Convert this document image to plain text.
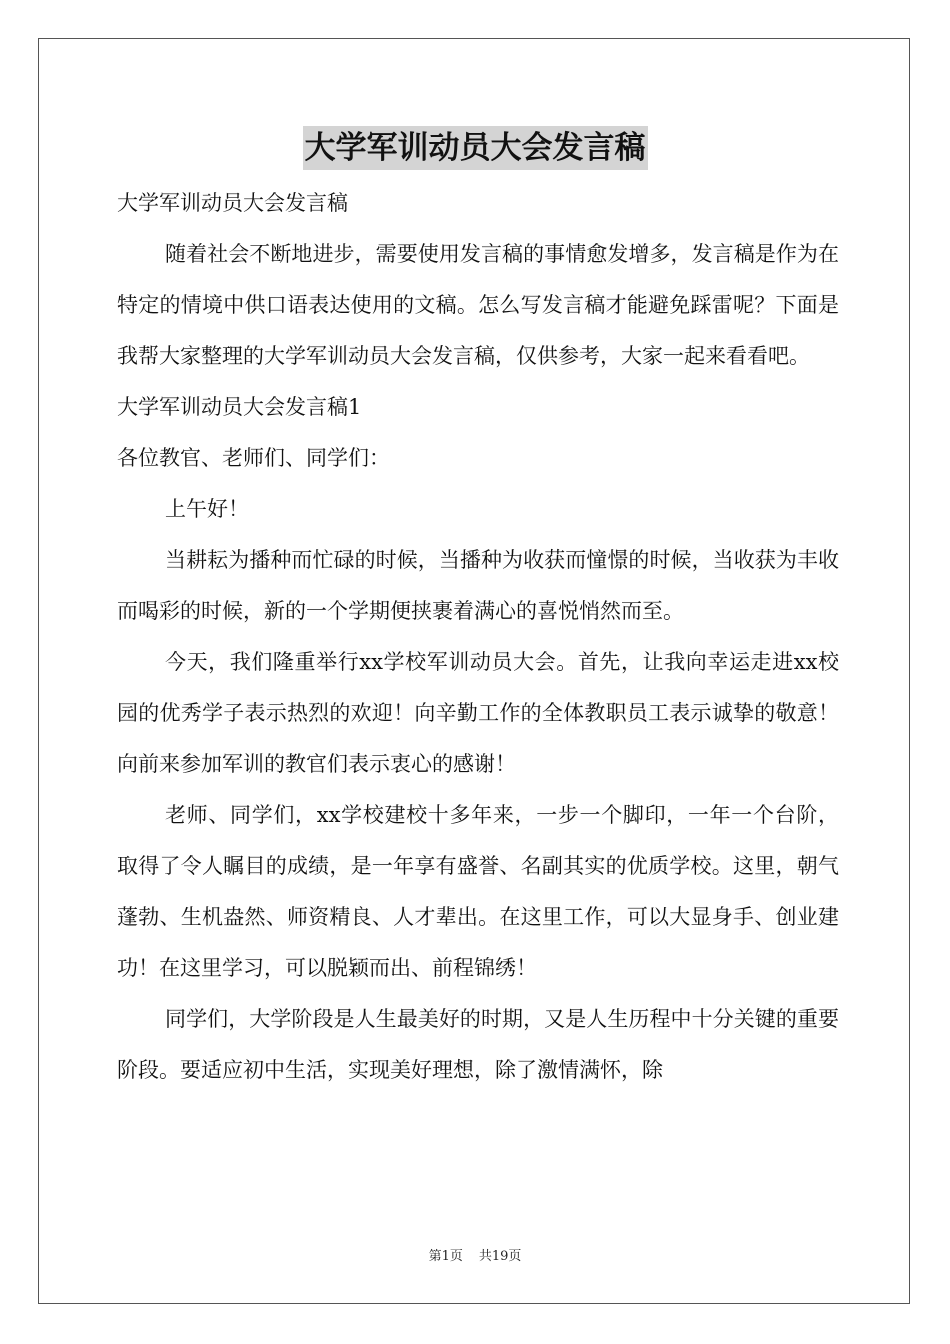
大学军训动员大会发言稿

大学军训动员大会发言稿

随着社会不断地进步，需要使用发言稿的事情愈发增多，发言稿是作为在特定的情境中供口语表达使用的文稿。怎么写发言稿才能避免踩雷呢？下面是我帮大家整理的大学军训动员大会发言稿，仅供参考，大家一起来看看吧。

大学军训动员大会发言稿1

各位教官、老师们、同学们：

上午好！

当耕耘为播种而忙碌的时候，当播种为收获而憧憬的时候，当收获为丰收而喝彩的时候，新的一个学期便挟裹着满心的喜悦悄然而至。

今天，我们隆重举行xx学校军训动员大会。首先，让我向幸运走进xx校园的优秀学子表示热烈的欢迎！向辛勤工作的全体教职员工表示诚挚的敬意！向前来参加军训的教官们表示衷心的感谢！

老师、同学们，xx学校建校十多年来，一步一个脚印，一年一个台阶，取得了令人瞩目的成绩，是一年享有盛誉、名副其实的优质学校。这里，朝气蓬勃、生机盎然、师资精良、人才辈出。在这里工作，可以大显身手、创业建功！在这里学习，可以脱颖而出、前程锦绣！

同学们，大学阶段是人生最美好的时期，又是人生历程中十分关键的重要阶段。要适应初中生活，实现美好理想，除了激情满怀，除

第1页 共19页
